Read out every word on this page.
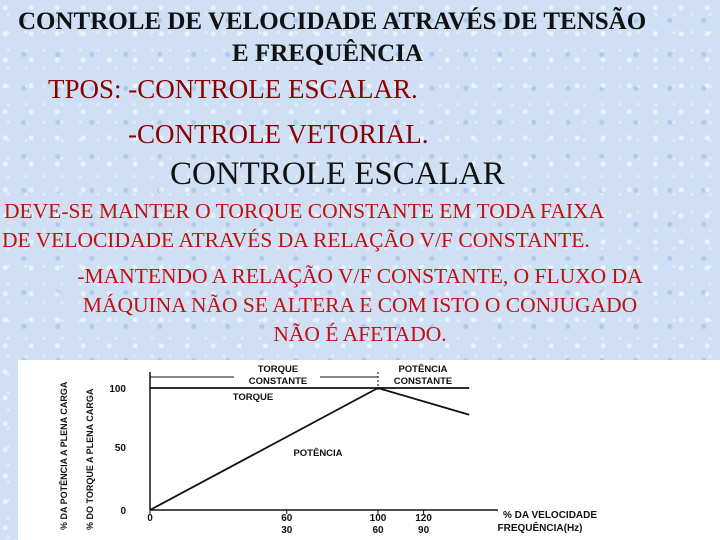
CONTROLE DE VELOCIDADE ATRAVÉS DE TENSÃO
E FREQUÊNCIA
TPOS: -CONTROLE ESCALAR.
-CONTROLE VETORIAL.
CONTROLE ESCALAR
DEVE-SE MANTER O TORQUE CONSTANTE EM TODA FAIXA
DE VELOCIDADE ATRAVÉS DA RELAÇÃO V/F CONSTANTE.
-MANTENDO A RELAÇÃO V/F CONSTANTE, O FLUXO DA
MÁQUINA NÃO SE ALTERA E COM ISTO O CONJUGADO
NÃO É AFETADO.
% DA POTÊNCIA A PLENA CARGA % DO TORQUE A PLENA CARGA 100
50
0
TORQUE
CONSTANTE
POTÊNCIA
CONSTANTE
TORQUE
POTÊNCIA
% DA VELOCIDADE
FREQUÊNCIA(Hz)
0	60	100	120
30	60	90
